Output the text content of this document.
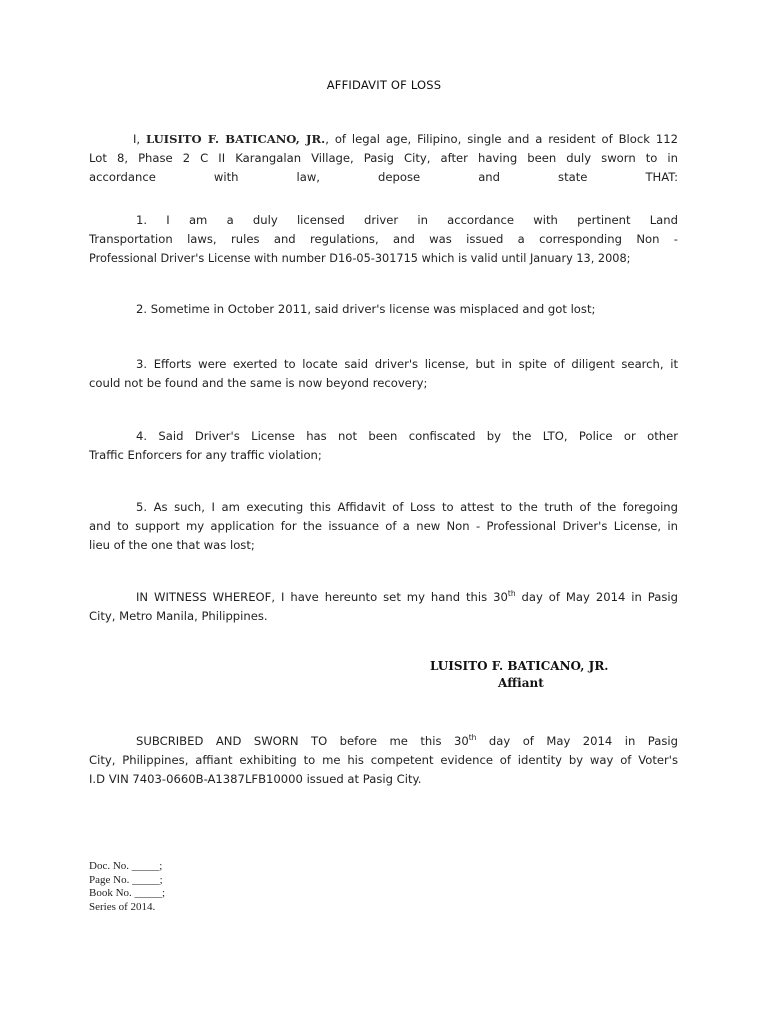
AFFIDAVIT OF LOSS
I, LUISITO F. BATICANO, JR., of legal age, Filipino, single and a resident of Block 112
Lot 8, Phase 2 C II Karangalan Village, Pasig City, after having been duly sworn to in
accordance with law, depose and state THAT:
1. I am a duly licensed driver in accordance with pertinent Land
Transportation laws, rules and regulations, and was issued a corresponding Non -
Professional Driver's License with number D16-05-301715 which is valid until January 13, 2008;
2. Sometime in October 2011, said driver's license was misplaced and got lost;
3. Efforts were exerted to locate said driver's license, but in spite of diligent search, it
could not be found and the same is now beyond recovery;
4. Said Driver's License has not been confiscated by the LTO, Police or other
Traffic Enforcers for any traffic violation;
5. As such, I am executing this Affidavit of Loss to attest to the truth of the foregoing
and to support my application for the issuance of a new Non - Professional Driver's License, in
lieu of the one that was lost;
IN WITNESS WHEREOF, I have hereunto set my hand this 30th day of May 2014 in Pasig
City, Metro Manila, Philippines.
LUISITO F. BATICANO, JR.
Affiant
SUBCRIBED AND SWORN TO before me this 30th day of May 2014 in Pasig
City, Philippines, affiant exhibiting to me his competent evidence of identity by way of Voter's
I.D VIN 7403-0660B-A1387LFB10000 issued at Pasig City.
Doc. No. _____;
Page No. _____;
Book No. _____;
Series of 2014.
